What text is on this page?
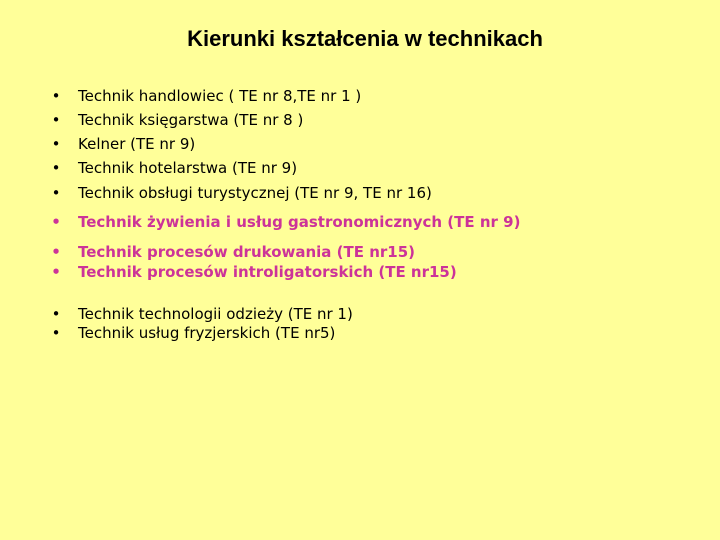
Kierunki kształcenia w technikach
• Technik handlowiec ( TE nr 8,TE nr 1 )
• Technik księgarstwa (TE nr 8 )
• Kelner (TE nr 9)
• Technik hotelarstwa (TE nr 9)
• Technik obsługi turystycznej (TE nr 9, TE nr 16)
• Technik żywienia i usług gastronomicznych (TE nr 9)
• Technik procesów drukowania (TE nr15)
• Technik procesów introligatorskich (TE nr15)
• Technik technologii odzieży (TE nr 1)
• Technik usług fryzjerskich (TE nr5)
